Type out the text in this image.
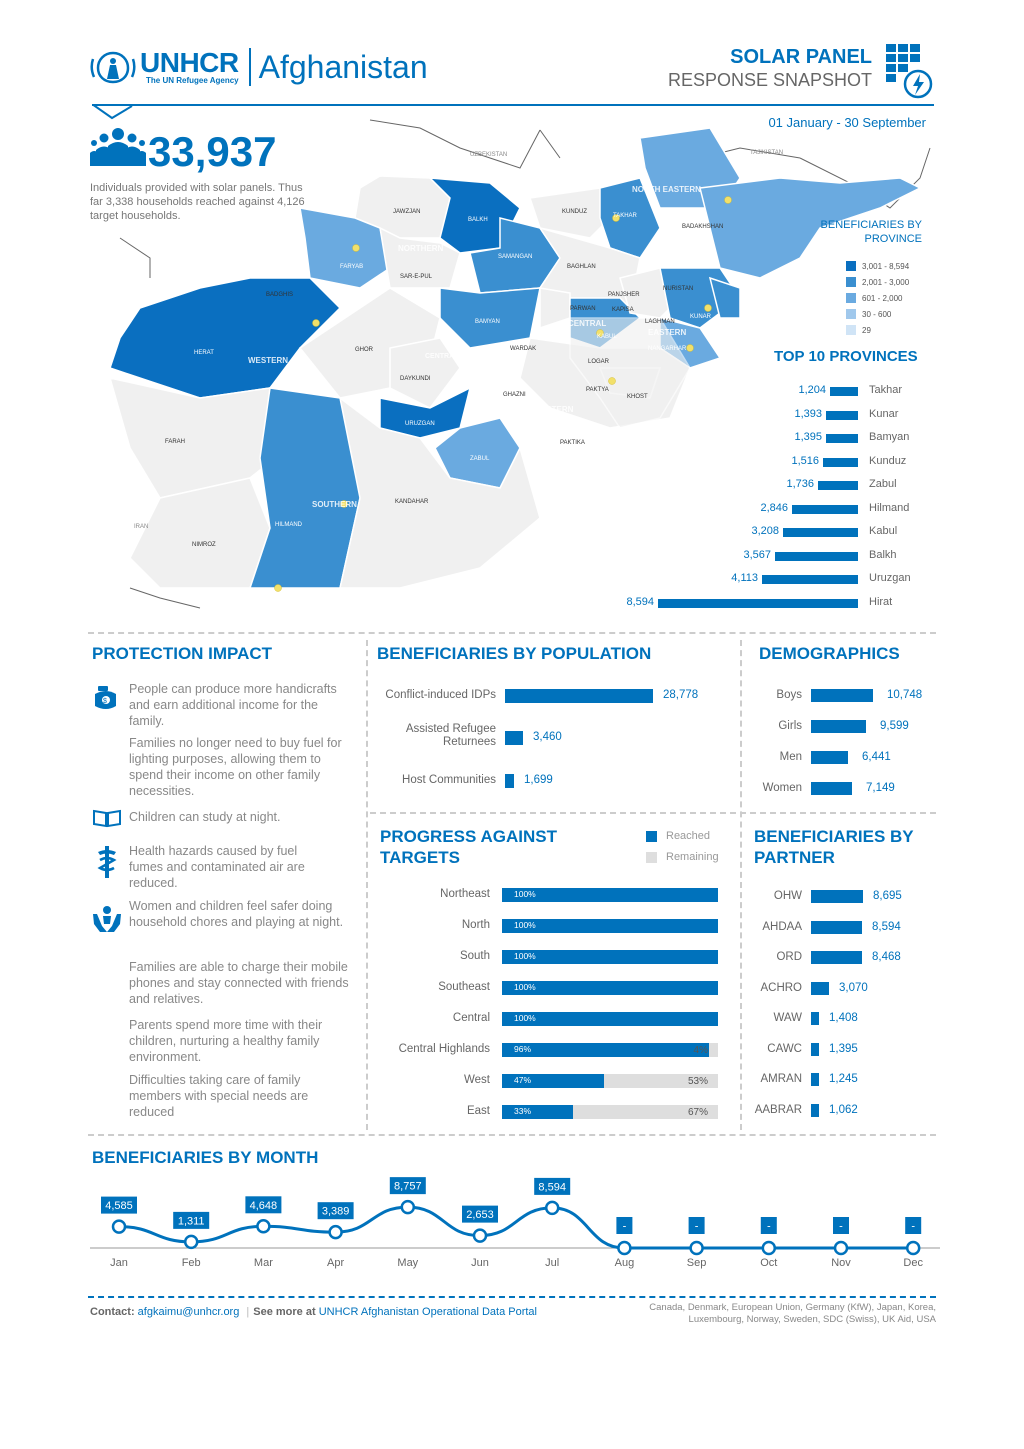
UNHCR
The UN Refugee Agency Afghanistan	SOLAR PANEL
RESPONSE SNAPSHOT
01 January - 30 September
33,937
Individuals provided with solar panels. Thus far 3,338 households reached against 4,126 target households.
UZBEKISTAN	TAJIKISTAN
IRAN
JAWZJAN
BALKH
SAMANGAN
KUNDUZ
TAKHAR
BADAKHSHAN
FARYAB
SAR-E-PUL
BAGHLAN
BADGHIS
HERAT	GHOR
BAMYAN
PARWAN	KAPISA
NURISTAN
KUNAR
LAGHMAN
NANGARHAR
KABUL
WARDAK
LOGAR
DAYKUNDI
GHAZNI
PAKTYA
KHOST
PAKTIKA
URUZGAN
ZABUL
FARAH
NIMROZ
HILMAND
KANDAHAR
PANJSHER
NORTH EASTERN
NORTHERN
WESTERN
CENTRAL
EASTERN
CENTRAL HIGHLANDS
SOUTH EASTERN
SOUTHERN
BENEFICIARIES BY PROVINCE
3,001 - 8,594
2,001 - 3,000
601 - 2,000
30 - 600
29
TOP 10 PROVINCES
1,204	Takhar
1,393	Kunar
1,395	Bamyan
1,516	Kunduz
1,736	Zabul
2,846	Hilmand
3,208	Kabul
3,567	Balkh
4,113	Uruzgan
8,594	Hirat
PROTECTION IMPACT
$
People can produce more handicrafts and earn additional income for the family.
Families no longer need to buy fuel for lighting purposes, allowing them to spend their income on other family necessities.
Children can study at night.
Health hazards caused by fuel fumes and contaminated air are reduced.
Women and children feel safer doing household chores and playing at night.
Families are able to charge their mobile phones and stay connected with friends and relatives.
Parents spend more time with their children, nurturing a healthy family environment.
Difficulties taking care of family members with special needs are reduced
BENEFICIARIES BY POPULATION
Conflict-induced IDPs	28,778
Assisted Refugee Returnees	3,460
Host Communities 1,699
DEMOGRAPHICS
Boys	10,748
Girls	9,599
Men	6,441
Women	7,149
PROGRESS AGAINST TARGETS
Reached
Remaining
Northeast	100%
North	100%
South	100%
Southeast	100%
Central	100%
Central Highlands	96%	4%
West	47%	53%
East	33%	67%
BENEFICIARIES BY PARTNER
OHW	8,695
AHDAA	8,594
ORD	8,468
ACHRO	3,070
WAW 1,408
CAWC 1,395
AMRAN 1,245
AABRAR 1,062
BENEFICIARIES BY MONTH
4,585
Jan
1,311
Feb
4,648
Mar
3,389
Apr
8,757
May
2,653
Jun
8,594
Jul
-
Aug
-
Sep
-
Oct
-
Nov
-
Dec
Contact: afgkaimu@unhcr.org | See more at UNHCR Afghanistan Operational Data Portal	Canada, Denmark, European Union, Germany (KfW), Japan, Korea, Luxembourg, Norway, Sweden, SDC (Swiss), UK Aid, USA
